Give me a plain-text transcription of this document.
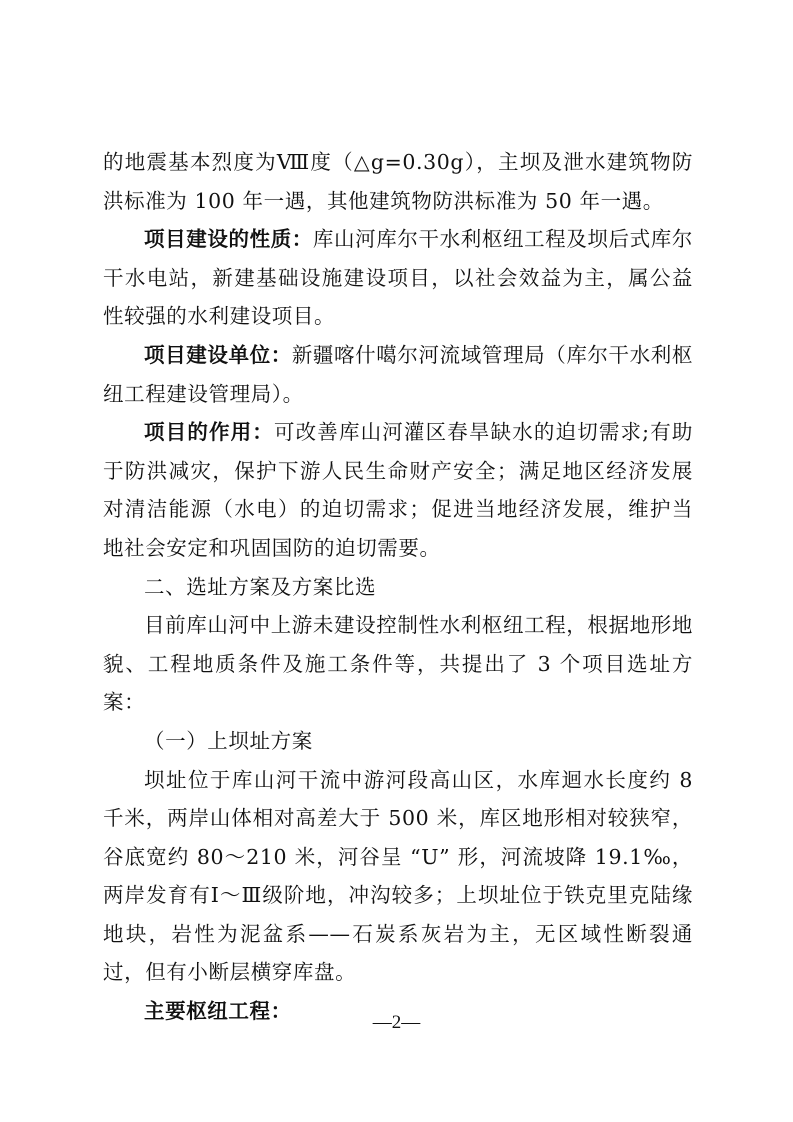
的地震基本烈度为Ⅷ度（△g=0.30g），主坝及泄水建筑物防洪标准为 100 年一遇，其他建筑物防洪标准为 50 年一遇。

项目建设的性质：库山河库尔干水利枢纽工程及坝后式库尔干水电站，新建基础设施建设项目，以社会效益为主，属公益性较强的水利建设项目。

项目建设单位：新疆喀什噶尔河流域管理局（库尔干水利枢纽工程建设管理局）。

项目的作用：可改善库山河灌区春旱缺水的迫切需求;有助于防洪减灾，保护下游人民生命财产安全；满足地区经济发展对清洁能源（水电）的迫切需求；促进当地经济发展，维护当地社会安定和巩固国防的迫切需要。

二、选址方案及方案比选

目前库山河中上游未建设控制性水利枢纽工程，根据地形地貌、工程地质条件及施工条件等，共提出了 3 个项目选址方案：

（一）上坝址方案

坝址位于库山河干流中游河段高山区，水库迴水长度约 8 千米，两岸山体相对高差大于 500 米，库区地形相对较狭窄，谷底宽约 80～210 米，河谷呈 “U” 形，河流坡降 19.1‰，两岸发育有Ⅰ～Ⅲ级阶地，冲沟较多；上坝址位于铁克里克陆缘地块，岩性为泥盆系——石炭系灰岩为主，无区域性断裂通过，但有小断层横穿库盘。

主要枢纽工程：	—2—
